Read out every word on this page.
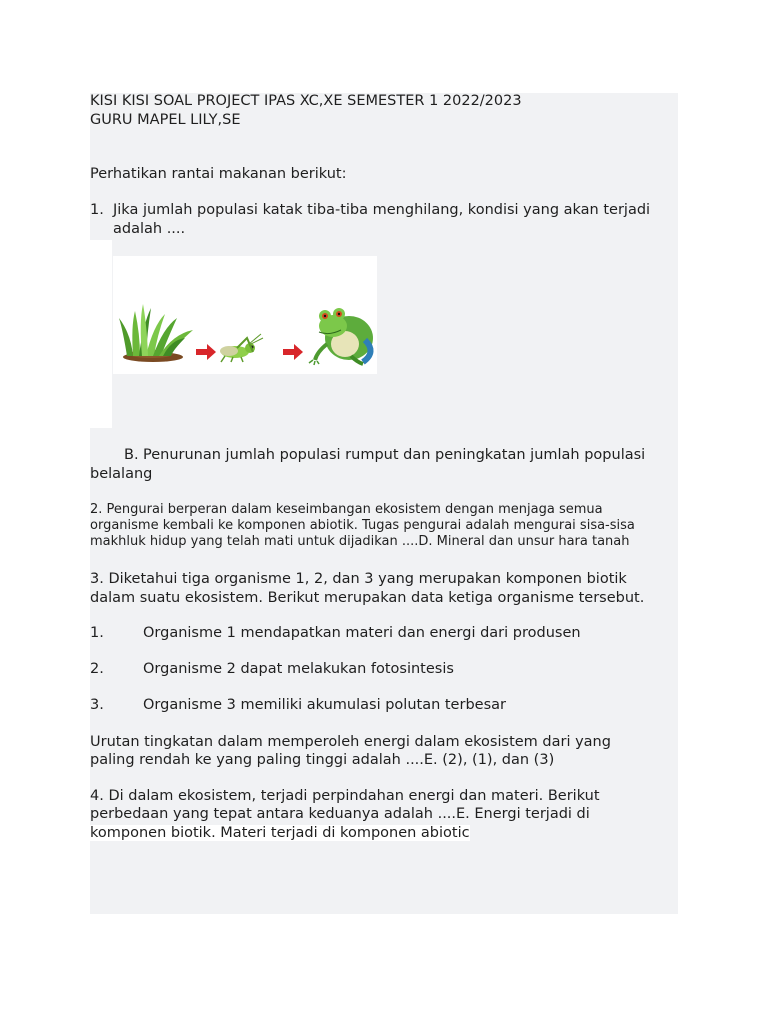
KISI KISI SOAL PROJECT IPAS XC,XE SEMESTER 1 2022/2023
GURU MAPEL LILY,SE
Perhatikan rantai makanan berikut:
1. Jika jumlah populasi katak tiba-tiba menghilang, kondisi yang akan terjadi
adalah ....
B. Penurunan jumlah populasi rumput dan peningkatan jumlah populasi
belalang
2. Pengurai berperan dalam keseimbangan ekosistem dengan menjaga semua
organisme kembali ke komponen abiotik. Tugas pengurai adalah mengurai sisa-sisa
makhluk hidup yang telah mati untuk dijadikan ....D. Mineral dan unsur hara tanah
3. Diketahui tiga organisme 1, 2, dan 3 yang merupakan komponen biotik
dalam suatu ekosistem. Berikut merupakan data ketiga organisme tersebut.
1.	Organisme 1 mendapatkan materi dan energi dari produsen
2.	Organisme 2 dapat melakukan fotosintesis
3.	Organisme 3 memiliki akumulasi polutan terbesar
Urutan tingkatan dalam memperoleh energi dalam ekosistem dari yang
paling rendah ke yang paling tinggi adalah ....E. (2), (1), dan (3)
4. Di dalam ekosistem, terjadi perpindahan energi dan materi. Berikut
perbedaan yang tepat antara keduanya adalah ....E. Energi terjadi di
komponen biotik. Materi terjadi di komponen abiotic
